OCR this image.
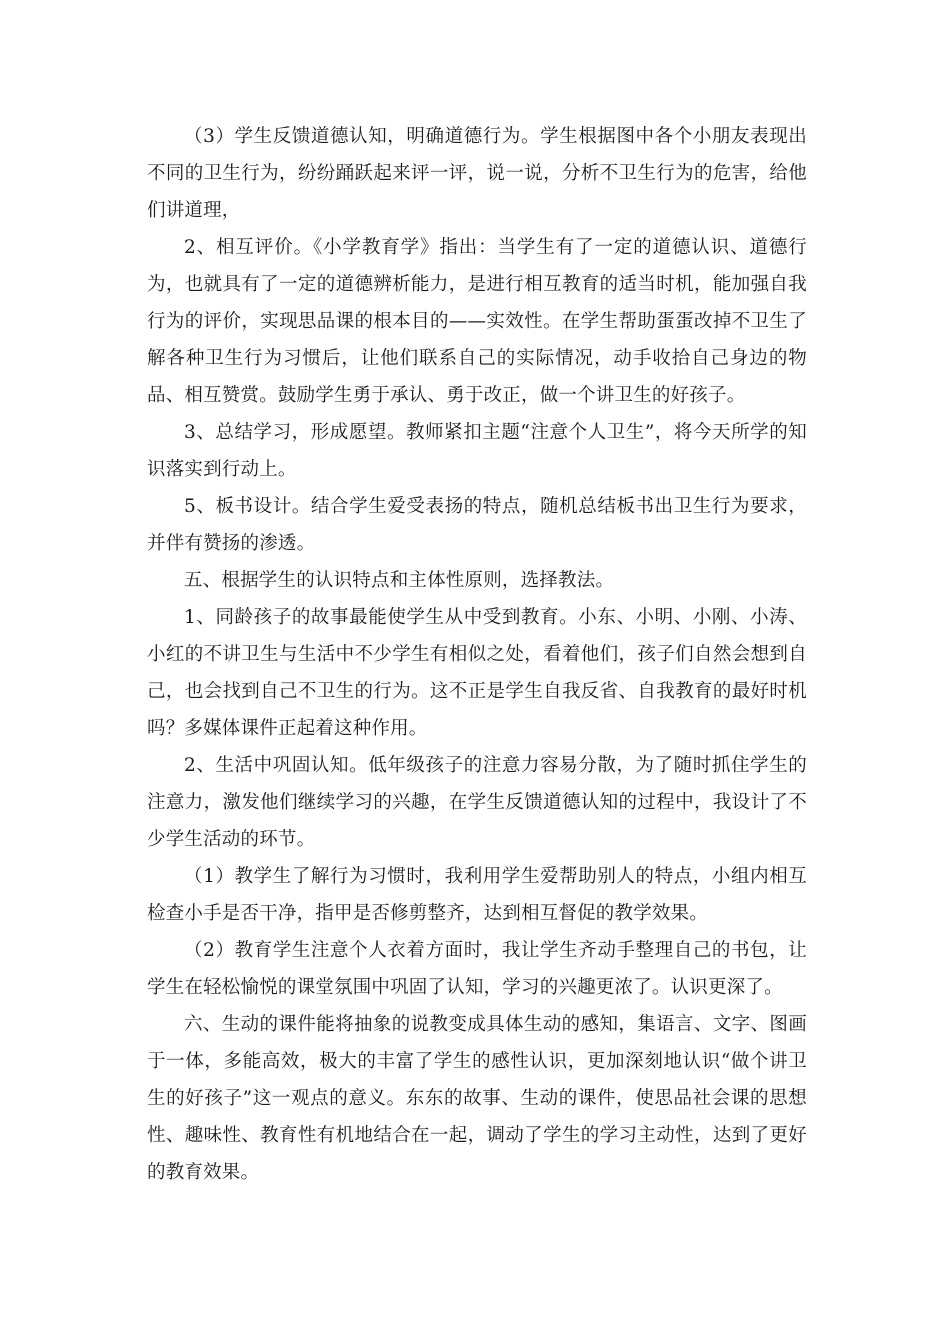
（3）学生反馈道德认知，明确道德行为。学生根据图中各个小朋友表现出不同的卫生行为，纷纷踊跃起来评一评，说一说，分析不卫生行为的危害，给他们讲道理，

2、相互评价。《小学教育学》指出：当学生有了一定的道德认识、道德行为，也就具有了一定的道德辨析能力，是进行相互教育的适当时机，能加强自我行为的评价，实现思品课的根本目的——实效性。在学生帮助蛋蛋改掉不卫生了解各种卫生行为习惯后，让他们联系自己的实际情况，动手收拾自己身边的物品、相互赞赏。鼓励学生勇于承认、勇于改正，做一个讲卫生的好孩子。

3、总结学习，形成愿望。教师紧扣主题“注意个人卫生”，将今天所学的知识落实到行动上。

5、板书设计。结合学生爱受表扬的特点，随机总结板书出卫生行为要求，并伴有赞扬的渗透。

五、根据学生的认识特点和主体性原则，选择教法。

1、同龄孩子的故事最能使学生从中受到教育。小东、小明、小刚、小涛、小红的不讲卫生与生活中不少学生有相似之处，看着他们，孩子们自然会想到自己，也会找到自己不卫生的行为。这不正是学生自我反省、自我教育的最好时机吗？多媒体课件正起着这种作用。

2、生活中巩固认知。低年级孩子的注意力容易分散，为了随时抓住学生的注意力，激发他们继续学习的兴趣，在学生反馈道德认知的过程中，我设计了不少学生活动的环节。

（1）教学生了解行为习惯时，我利用学生爱帮助别人的特点，小组内相互检查小手是否干净，指甲是否修剪整齐，达到相互督促的教学效果。

（2）教育学生注意个人衣着方面时，我让学生齐动手整理自己的书包，让学生在轻松愉悦的课堂氛围中巩固了认知，学习的兴趣更浓了。认识更深了。

六、生动的课件能将抽象的说教变成具体生动的感知，集语言、文字、图画于一体，多能高效，极大的丰富了学生的感性认识，更加深刻地认识“做个讲卫生的好孩子”这一观点的意义。东东的故事、生动的课件，使思品社会课的思想性、趣味性、教育性有机地结合在一起，调动了学生的学习主动性，达到了更好的教育效果。
